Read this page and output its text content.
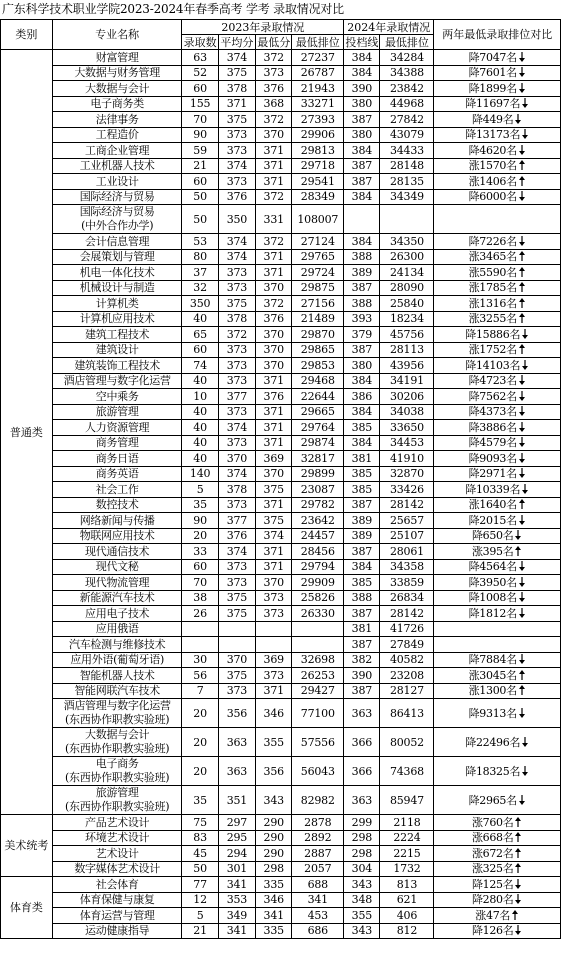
广东科学技术职业学院2023-2024年春季高考 学考 录取情况对比
类别	专业名称	2023年录取情况				2024年录取情况		两年最低录取排位对比
		录取数	平均分	最低分	最低排位	投档线	最低排位	
普通类	财富管理	63	374	372	27237	384	34284	降7047名
	大数据与财务管理	52	375	373	26787	384	34388	降7601名
	大数据与会计	60	378	376	21943	390	23842	降1899名
	电子商务类	155	371	368	33271	380	44968	降11697名
	法律事务	70	375	372	27393	387	27842	降449名
	工程造价	90	373	370	29906	380	43079	降13173名
	工商企业管理	59	373	371	29813	384	34433	降4620名
	工业机器人技术	21	374	371	29718	387	28148	涨1570名
	工业设计	60	373	371	29541	387	28135	涨1406名
	国际经济与贸易	50	376	372	28349	384	34349	降6000名
	国际经济与贸易
(中外合作办学)	50	350	331	108007			
	会计信息管理	53	374	372	27124	384	34350	降7226名
	会展策划与管理	80	374	371	29765	388	26300	涨3465名
	机电一体化技术	37	373	371	29724	389	24134	涨5590名
	机械设计与制造	32	373	370	29875	387	28090	涨1785名
	计算机类	350	375	372	27156	388	25840	涨1316名
	计算机应用技术	40	378	376	21489	393	18234	涨3255名
	建筑工程技术	65	372	370	29870	379	45756	降15886名
	建筑设计	60	373	370	29865	387	28113	涨1752名
	建筑装饰工程技术	74	373	370	29853	380	43956	降14103名
	酒店管理与数字化运营	40	373	371	29468	384	34191	降4723名
	空中乘务	10	377	376	22644	386	30206	降7562名
	旅游管理	40	373	371	29665	384	34038	降4373名
	人力资源管理	40	374	371	29764	385	33650	降3886名
	商务管理	40	373	371	29874	384	34453	降4579名
	商务日语	40	370	369	32817	381	41910	降9093名
	商务英语	140	374	370	29899	385	32870	降2971名
	社会工作	5	378	375	23087	385	33426	降10339名
	数控技术	35	373	371	29782	387	28142	涨1640名
	网络新闻与传播	90	377	375	23642	389	25657	降2015名
	物联网应用技术	20	376	374	24457	389	25107	降650名
	现代通信技术	33	374	371	28456	387	28061	涨395名
	现代文秘	60	373	371	29794	384	34358	降4564名
	现代物流管理	70	373	370	29909	385	33859	降3950名
	新能源汽车技术	38	375	373	25826	388	26834	降1008名
	应用电子技术	26	375	373	26330	387	28142	降1812名
	应用俄语					381	41726	
	汽车检测与维修技术					387	27849	
	应用外语(葡萄牙语)	30	370	369	32698	382	40582	降7884名
	智能机器人技术	56	375	373	26253	390	23208	涨3045名
	智能网联汽车技术	7	373	371	29427	387	28127	涨1300名
	酒店管理与数字化运营
(东西协作职教实验班)	20	356	346	77100	363	86413	降9313名
	大数据与会计
(东西协作职教实验班)	20	363	355	57556	366	80052	降22496名
	电子商务
(东西协作职教实验班)	20	363	356	56043	366	74368	降18325名
	旅游管理
(东西协作职教实验班)	35	351	343	82982	363	85947	降2965名
美术统考	产品艺术设计	75	297	290	2878	299	2118	涨760名
	环境艺术设计	83	295	290	2892	298	2224	涨668名
	艺术设计	45	294	290	2887	298	2215	涨672名
	数字媒体艺术设计	50	301	298	2057	304	1732	涨325名
体育类	社会体育	77	341	335	688	343	813	降125名
	体育保健与康复	12	353	346	341	348	621	降280名
	体育运营与管理	5	349	341	453	355	406	涨47名
	运动健康指导	21	341	335	686	343	812	降126名
